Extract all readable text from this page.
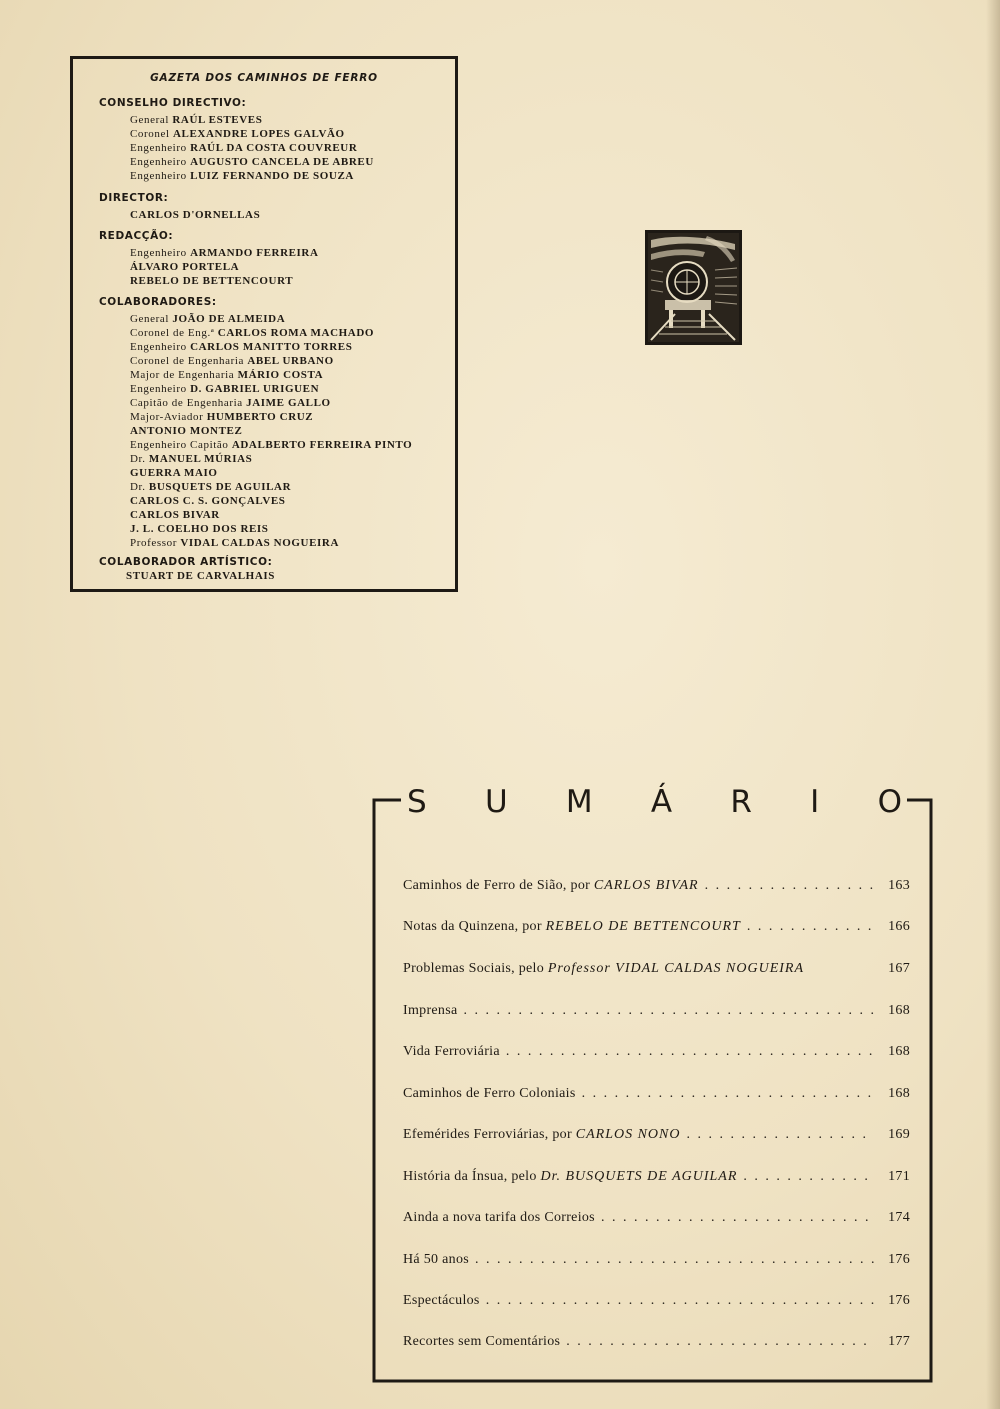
GAZETA DOS CAMINHOS DE FERRO
CONSELHO DIRECTIVO:
General RAÚL ESTEVES
Coronel ALEXANDRE LOPES GALVÃO
Engenheiro RAÚL DA COSTA COUVREUR
Engenheiro AUGUSTO CANCELA DE ABREU
Engenheiro LUIZ FERNANDO DE SOUZA
DIRECTOR:
CARLOS D'ORNELLAS
REDACÇÃO:
Engenheiro ARMANDO FERREIRA
ÁLVARO PORTELA
REBELO DE BETTENCOURT
COLABORADORES:
General JOÃO DE ALMEIDA
Coronel de Eng.ª CARLOS ROMA MACHADO
Engenheiro CARLOS MANITTO TORRES
Coronel de Engenharia ABEL URBANO
Major de Engenharia MÁRIO COSTA
Engenheiro D. GABRIEL URIGUEN
Capitão de Engenharia JAIME GALLO
Major-Aviador HUMBERTO CRUZ
ANTONIO MONTEZ
Engenheiro Capitão ADALBERTO FERREIRA PINTO
Dr. MANUEL MÚRIAS
GUERRA MAIO
Dr. BUSQUETS DE AGUILAR
CARLOS C. S. GONÇALVES
CARLOS BIVAR
J. L. COELHO DOS REIS
Professor VIDAL CALDAS NOGUEIRA
COLABORADOR ARTÍSTICO:
STUART DE CARVALHAIS
S U M Á R I O
Caminhos de Ferro de Sião, por CARLOS BIVAR . . .	163
Notas da Quinzena, por REBELO DE BETTENCOURT . . .	166
Problemas Sociais, pelo Professor VIDAL CALDAS NOGUEIRA	167
Imprensa . . .	168
Vida Ferroviária . . .	168
Caminhos de Ferro Coloniais . . .	168
Efemérides Ferroviárias, por CARLOS NONO . . .	169
História da Ínsua, pelo Dr. BUSQUETS DE AGUILAR . . .	171
Ainda a nova tarifa dos Correios . . .	174
Há 50 anos . . .	176
Espectáculos . . .	176
Recortes sem Comentários . . .	177
